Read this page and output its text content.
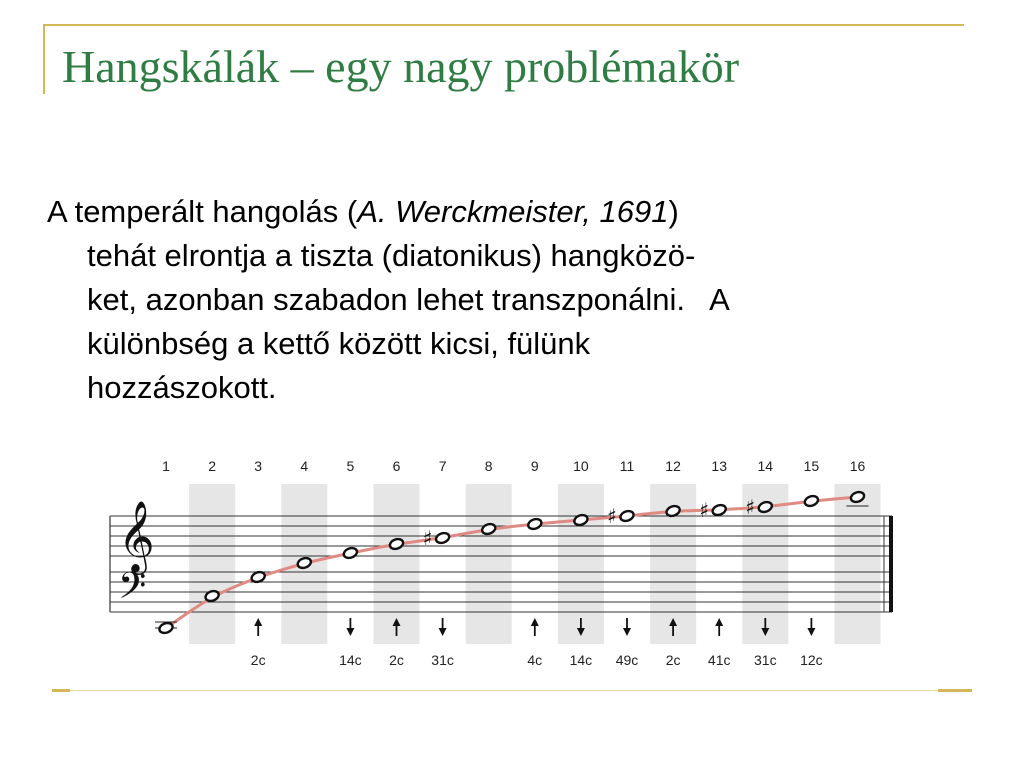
Hangskálák – egy nagy problémakör
A temperált hangolás (A. Werckmeister, 1691)
tehát elrontja a tiszta (diatonikus) hangközö-
ket, azonban szabadon lehet transzponálni.   A
különbség a kettő között kicsi, fülünk
hozzászokott.
𝄞
𝄢
♯
♯	♯ ♯
1	2	3
2c
4	5
14c
6
2c
7
31c
8	9
4c
10
14c
11
49c
12
2c
13
41c
14
31c
15
12c
16
